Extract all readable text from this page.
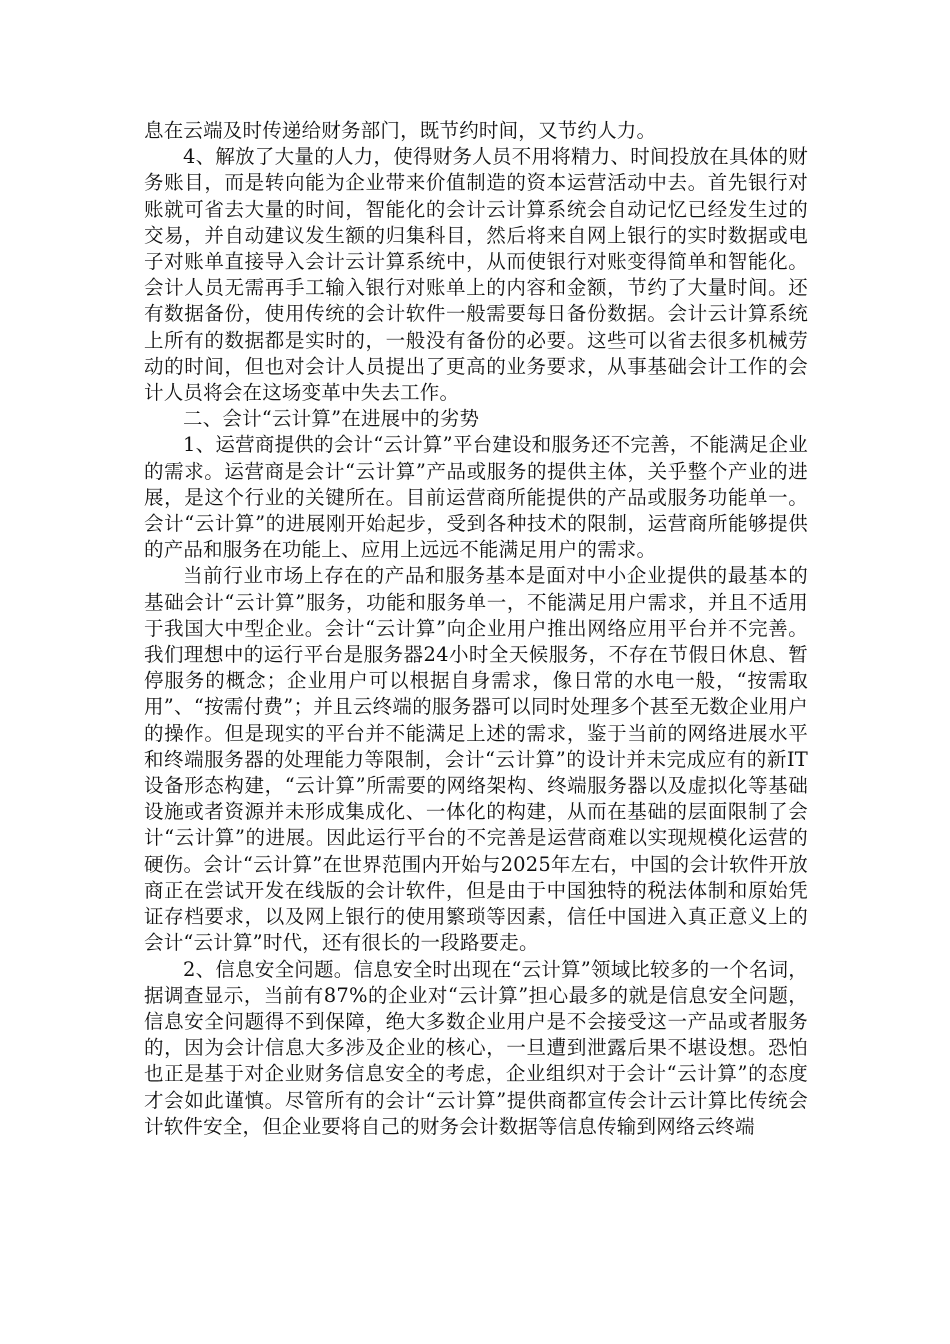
息在云端及时传递给财务部门，既节约时间，又节约人力。

4、解放了大量的人力，使得财务人员不用将精力、时间投放在具体的财务账目，而是转向能为企业带来价值制造的资本运营活动中去。首先银行对账就可省去大量的时间，智能化的会计云计算系统会自动记忆已经发生过的交易，并自动建议发生额的归集科目，然后将来自网上银行的实时数据或电子对账单直接导入会计云计算系统中，从而使银行对账变得简单和智能化。会计人员无需再手工输入银行对账单上的内容和金额，节约了大量时间。还有数据备份，使用传统的会计软件一般需要每日备份数据。会计云计算系统上所有的数据都是实时的，一般没有备份的必要。这些可以省去很多机械劳动的时间，但也对会计人员提出了更高的业务要求，从事基础会计工作的会计人员将会在这场变革中失去工作。

二、会计“云计算”在进展中的劣势

1、运营商提供的会计“云计算”平台建设和服务还不完善，不能满足企业的需求。运营商是会计“云计算”产品或服务的提供主体，关乎整个产业的进展，是这个行业的关键所在。目前运营商所能提供的产品或服务功能单一。会计“云计算”的进展刚开始起步，受到各种技术的限制，运营商所能够提供的产品和服务在功能上、应用上远远不能满足用户的需求。

当前行业市场上存在的产品和服务基本是面对中小企业提供的最基本的基础会计“云计算”服务，功能和服务单一，不能满足用户需求，并且不适用于我国大中型企业。会计“云计算”向企业用户推出网络应用平台并不完善。我们理想中的运行平台是服务器24小时全天候服务，不存在节假日休息、暂停服务的概念；企业用户可以根据自身需求，像日常的水电一般，“按需取用”、“按需付费”；并且云终端的服务器可以同时处理多个甚至无数企业用户的操作。但是现实的平台并不能满足上述的需求，鉴于当前的网络进展水平和终端服务器的处理能力等限制，会计“云计算”的设计并未完成应有的新IT设备形态构建，“云计算”所需要的网络架构、终端服务器以及虚拟化等基础设施或者资源并未形成集成化、一体化的构建，从而在基础的层面限制了会计“云计算”的进展。因此运行平台的不完善是运营商难以实现规模化运营的硬伤。会计“云计算”在世界范围内开始与2025年左右，中国的会计软件开放商正在尝试开发在线版的会计软件，但是由于中国独特的税法体制和原始凭证存档要求，以及网上银行的使用繁琐等因素，信任中国进入真正意义上的会计“云计算”时代，还有很长的一段路要走。

2、信息安全问题。信息安全时出现在“云计算”领域比较多的一个名词，据调查显示，当前有87%的企业对“云计算”担心最多的就是信息安全问题，信息安全问题得不到保障，绝大多数企业用户是不会接受这一产品或者服务的，因为会计信息大多涉及企业的核心，一旦遭到泄露后果不堪设想。恐怕也正是基于对企业财务信息安全的考虑，企业组织对于会计“云计算”的态度才会如此谨慎。尽管所有的会计“云计算”提供商都宣传会计云计算比传统会计软件安全，但企业要将自己的财务会计数据等信息传输到网络云终端
